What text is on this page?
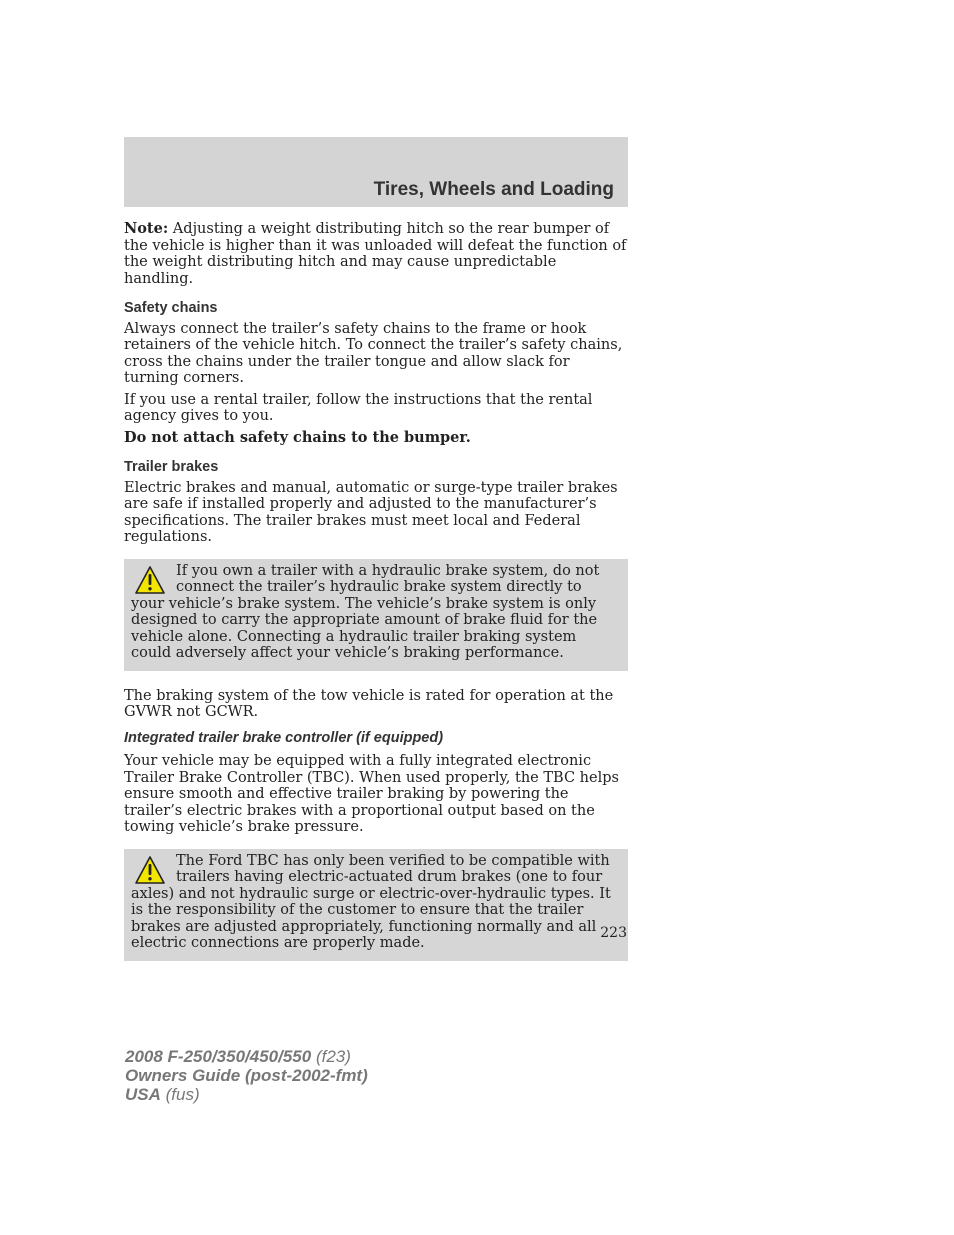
Tires, Wheels and Loading

Note: Adjusting a weight distributing hitch so the rear bumper of the vehicle is higher than it was unloaded will defeat the function of the weight distributing hitch and may cause unpredictable handling.

Safety chains

Always connect the trailer’s safety chains to the frame or hook retainers of the vehicle hitch. To connect the trailer’s safety chains, cross the chains under the trailer tongue and allow slack for turning corners.

If you use a rental trailer, follow the instructions that the rental agency gives to you.

Do not attach safety chains to the bumper.

Trailer brakes

Electric brakes and manual, automatic or surge-type trailer brakes are safe if installed properly and adjusted to the manufacturer’s specifications. The trailer brakes must meet local and Federal regulations.

If you own a trailer with a hydraulic brake system, do not connect the trailer’s hydraulic brake system directly to your vehicle’s brake system. The vehicle’s brake system is only designed to carry the appropriate amount of brake fluid for the vehicle alone. Connecting a hydraulic trailer braking system could adversely affect your vehicle’s braking performance.

The braking system of the tow vehicle is rated for operation at the GVWR not GCWR.

Integrated trailer brake controller (if equipped)

Your vehicle may be equipped with a fully integrated electronic Trailer Brake Controller (TBC). When used properly, the TBC helps ensure smooth and effective trailer braking by powering the trailer’s electric brakes with a proportional output based on the towing vehicle’s brake pressure.

The Ford TBC has only been verified to be compatible with trailers having electric-actuated drum brakes (one to four axles) and not hydraulic surge or electric-over-hydraulic types. It is the responsibility of the customer to ensure that the trailer brakes are adjusted appropriately, functioning normally and all electric connections are properly made.
223
2008 F-250/350/450/550 (f23)
Owners Guide (post-2002-fmt)
USA (fus)
